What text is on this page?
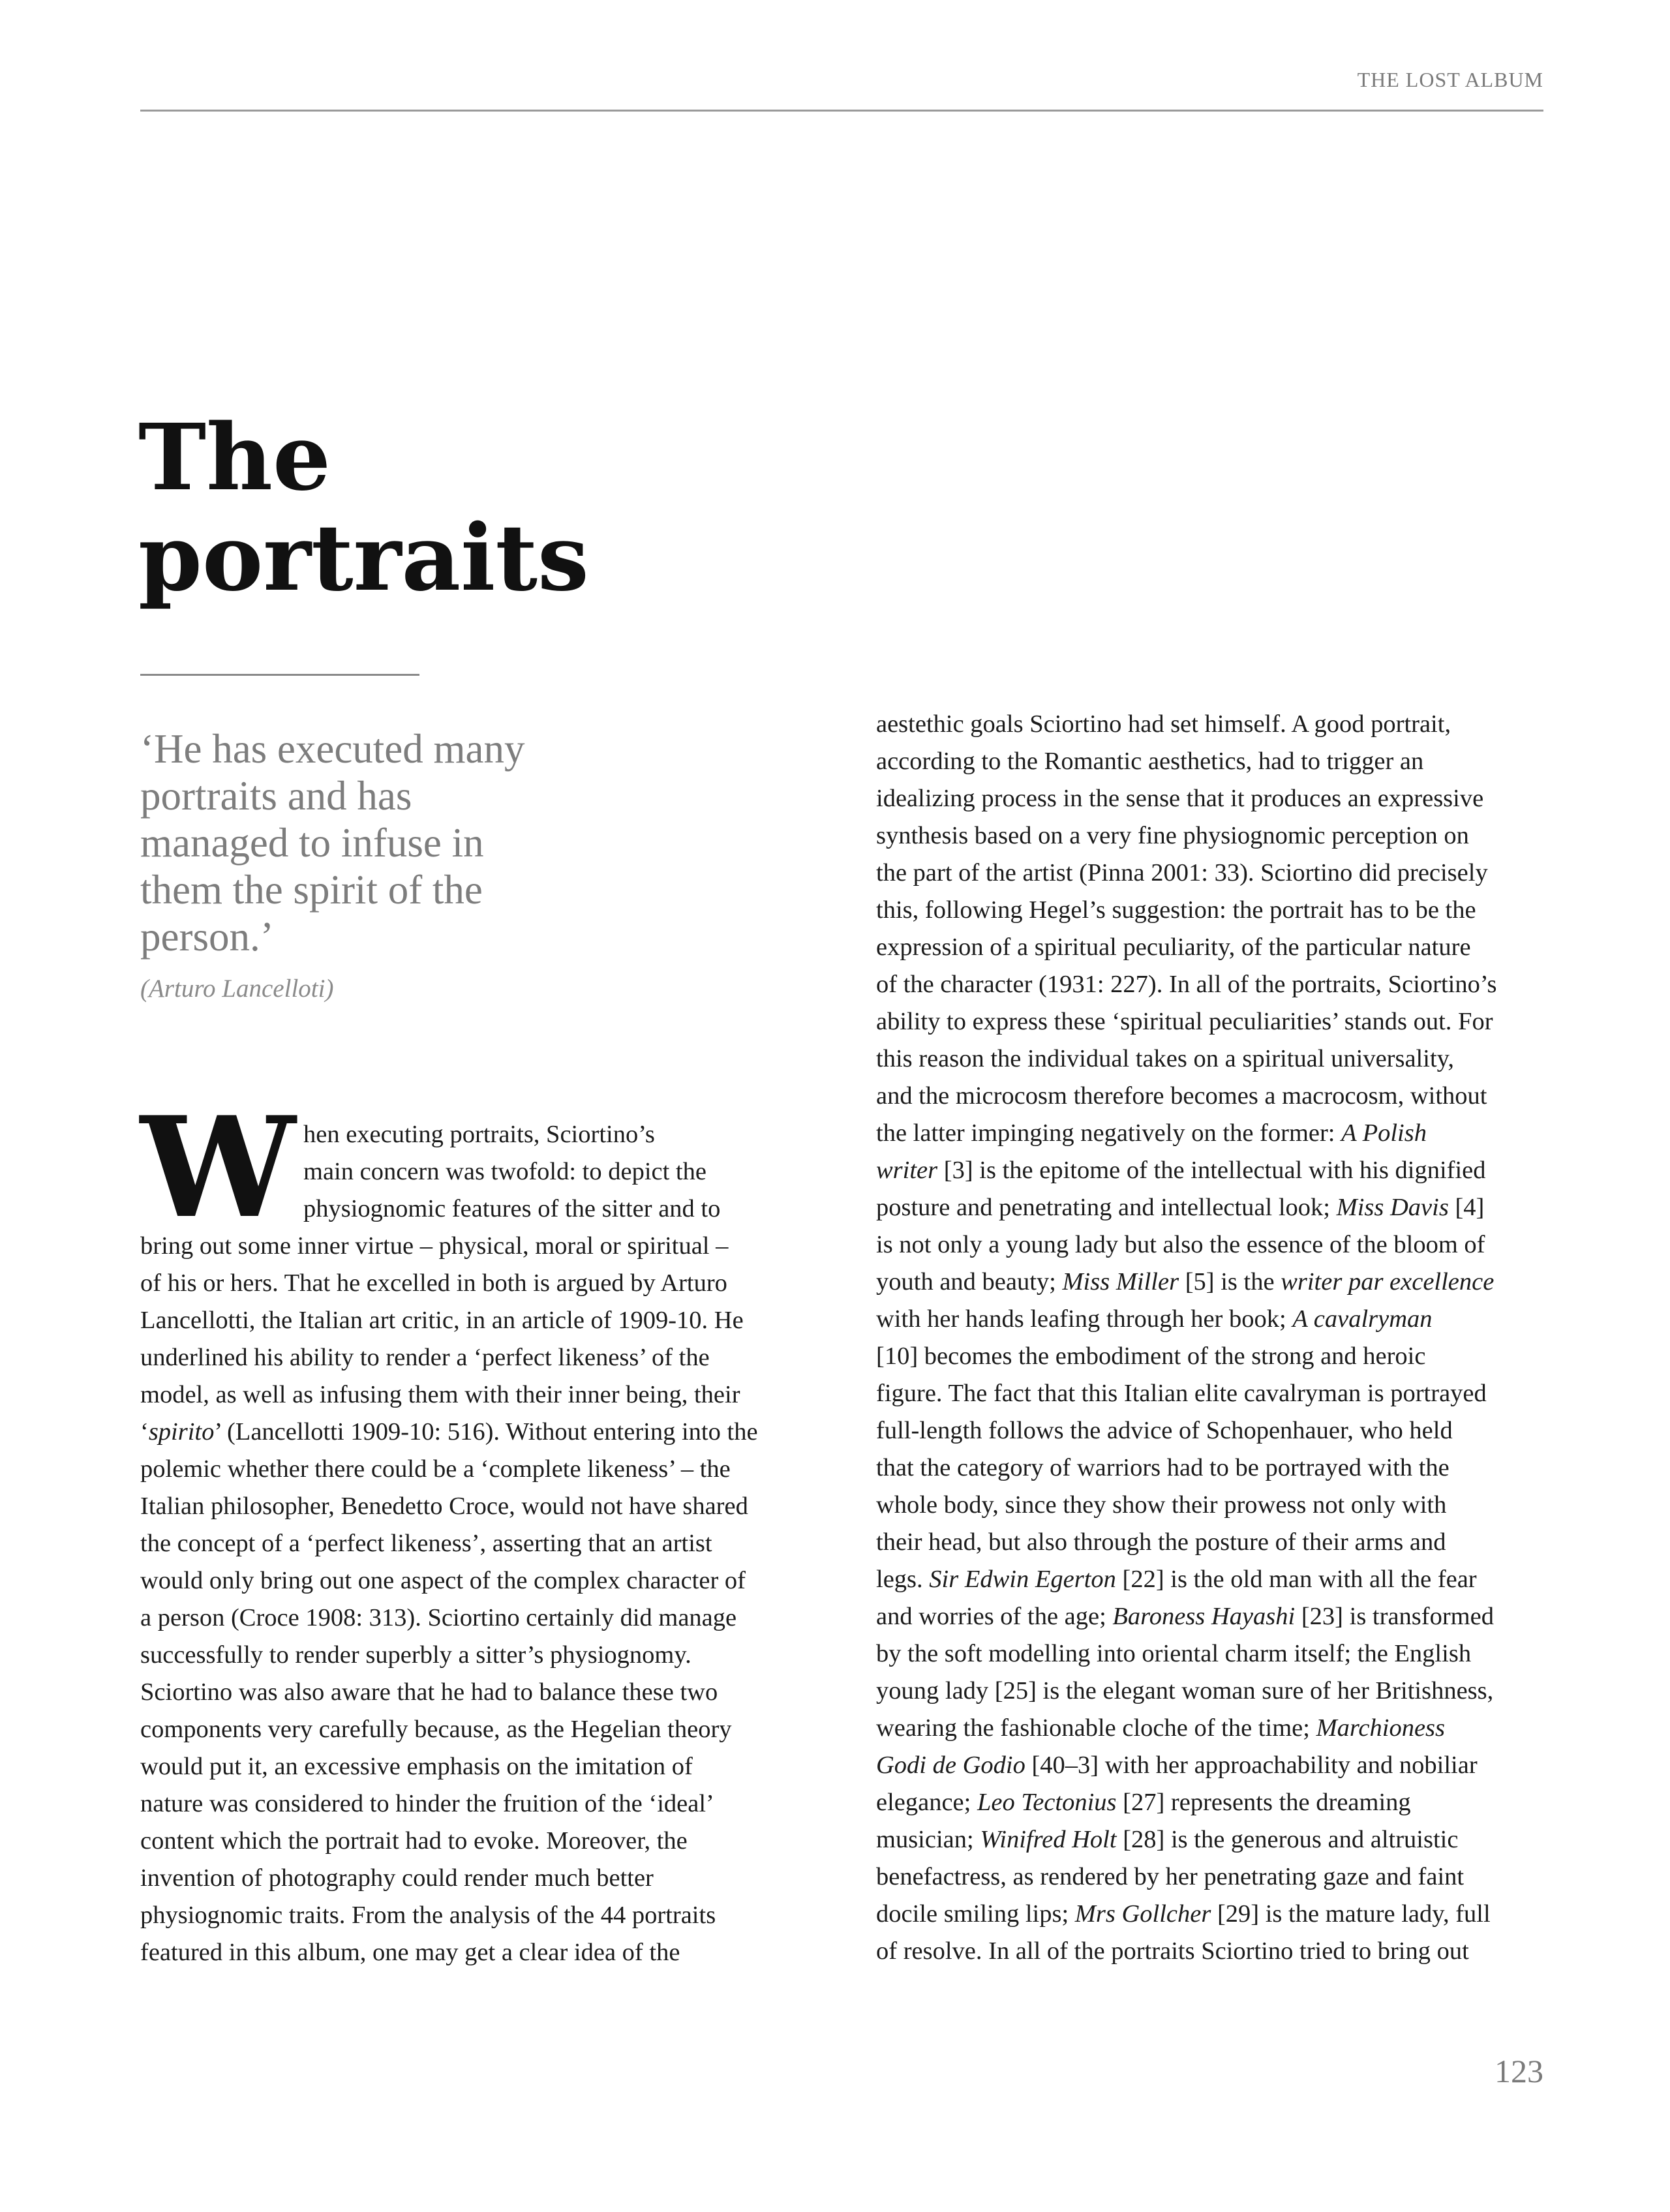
THE LOST ALBUM
The portraits

‘He has executed many
portraits and has
managed to infuse in
them the spirit of the
person.’

(Arturo Lancelloti)
W hen executing portraits, Sciortino’s
main concern was twofold: to depict the
physiognomic features of the sitter and to
bring out some inner virtue – physical, moral or spiritual –
of his or hers. That he excelled in both is argued by Arturo
Lancellotti, the Italian art critic, in an article of 1909-10. He
underlined his ability to render a ‘perfect likeness’ of the
model, as well as infusing them with their inner being, their
‘spirito’ (Lancellotti 1909-10: 516). Without entering into the
polemic whether there could be a ‘complete likeness’ – the
Italian philosopher, Benedetto Croce, would not have shared
the concept of a ‘perfect likeness’, asserting that an artist
would only bring out one aspect of the complex character of
a person (Croce 1908: 313). Sciortino certainly did manage
successfully to render superbly a sitter’s physiognomy.
Sciortino was also aware that he had to balance these two
components very carefully because, as the Hegelian theory
would put it, an excessive emphasis on the imitation of
nature was considered to hinder the fruition of the ‘ideal’
content which the portrait had to evoke. Moreover, the
invention of photography could render much better
physiognomic traits. From the analysis of the 44 portraits
featured in this album, one may get a clear idea of the
aestethic goals Sciortino had set himself. A good portrait,
according to the Romantic aesthetics, had to trigger an
idealizing process in the sense that it produces an expressive
synthesis based on a very fine physiognomic perception on
the part of the artist (Pinna 2001: 33). Sciortino did precisely
this, following Hegel’s suggestion: the portrait has to be the
expression of a spiritual peculiarity, of the particular nature
of the character (1931: 227). In all of the portraits, Sciortino’s
ability to express these ‘spiritual peculiarities’ stands out. For
this reason the individual takes on a spiritual universality,
and the microcosm therefore becomes a macrocosm, without
the latter impinging negatively on the former: A Polish
writer [3] is the epitome of the intellectual with his dignified
posture and penetrating and intellectual look; Miss Davis [4]
is not only a young lady but also the essence of the bloom of
youth and beauty; Miss Miller [5] is the writer par excellence
with her hands leafing through her book; A cavalryman
[10] becomes the embodiment of the strong and heroic
figure. The fact that this Italian elite cavalryman is portrayed
full-length follows the advice of Schopenhauer, who held
that the category of warriors had to be portrayed with the
whole body, since they show their prowess not only with
their head, but also through the posture of their arms and
legs. Sir Edwin Egerton [22] is the old man with all the fear
and worries of the age; Baroness Hayashi [23] is transformed
by the soft modelling into oriental charm itself; the English
young lady [25] is the elegant woman sure of her Britishness,
wearing the fashionable cloche of the time; Marchioness
Godi de Godio [40–3] with her approachability and nobiliar
elegance; Leo Tectonius [27] represents the dreaming
musician; Winifred Holt [28] is the generous and altruistic
benefactress, as rendered by her penetrating gaze and faint
docile smiling lips; Mrs Gollcher [29] is the mature lady, full
of resolve. In all of the portraits Sciortino tried to bring out
123
